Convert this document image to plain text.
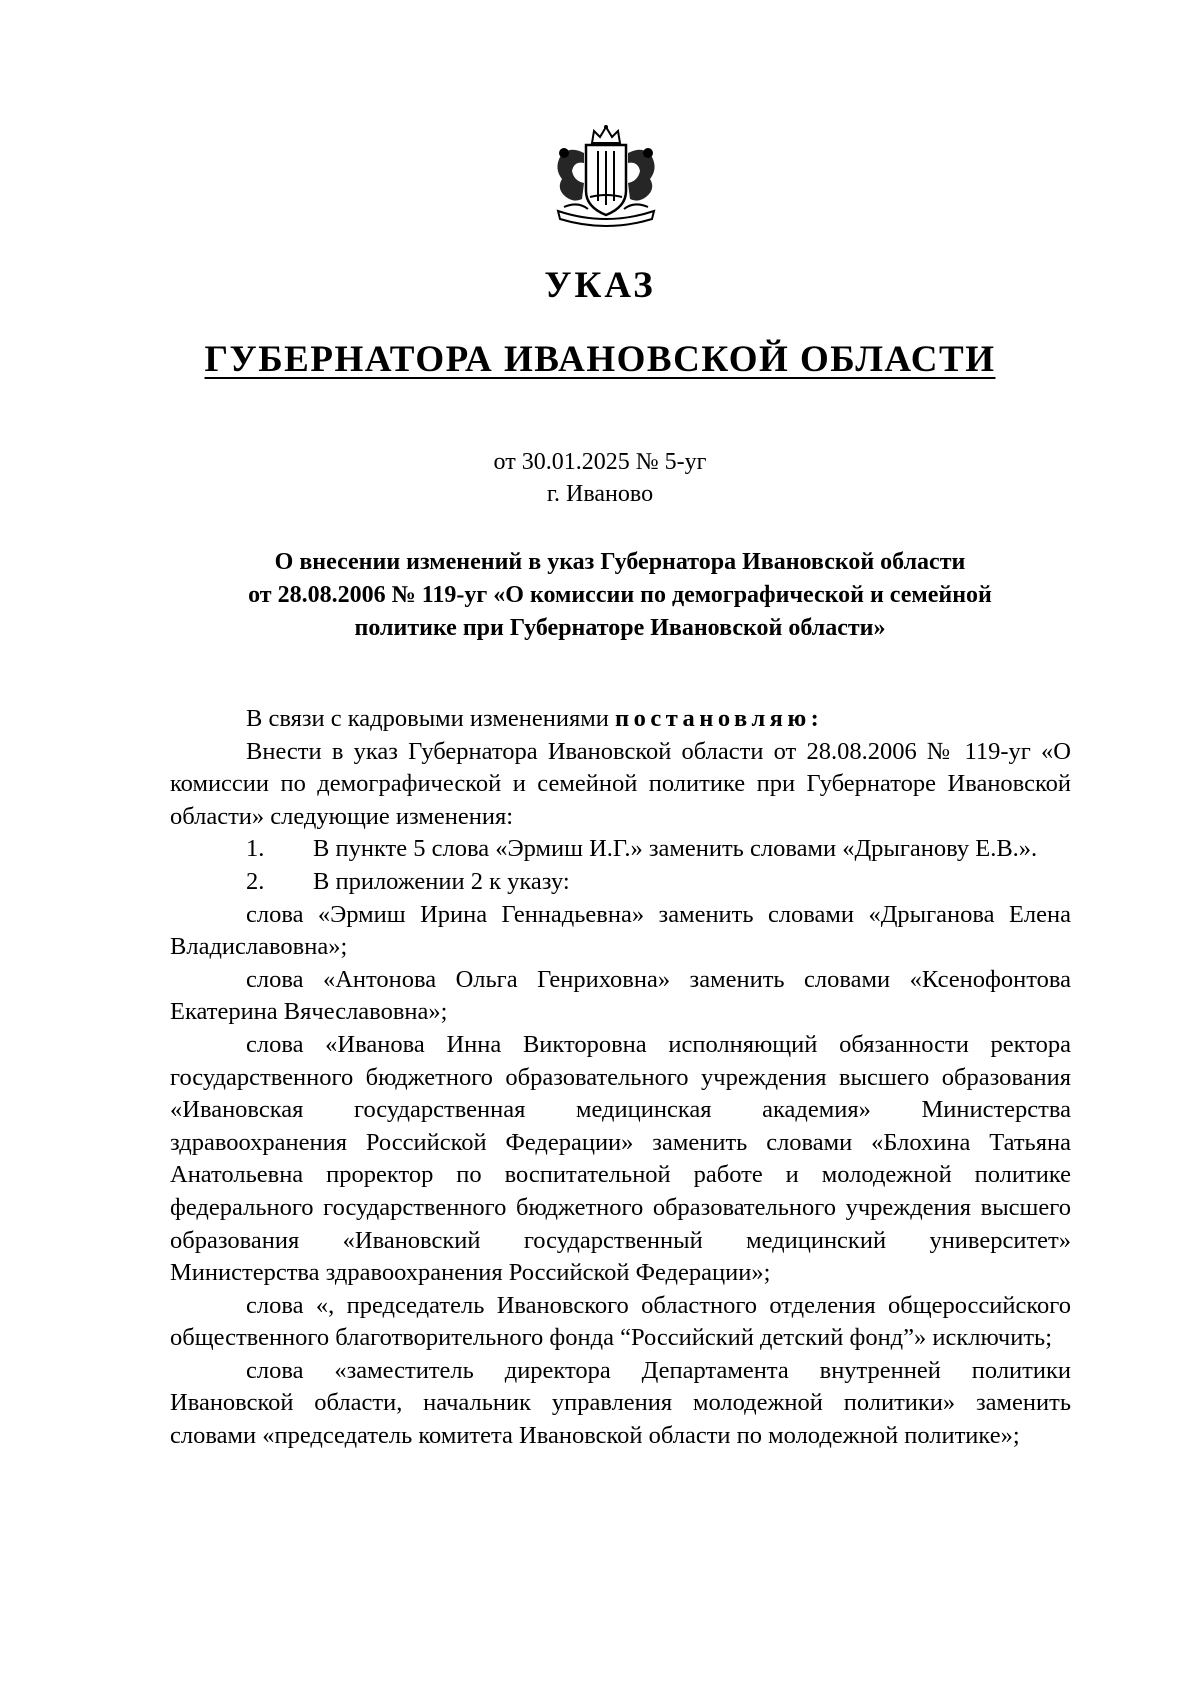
УКАЗ
ГУБЕРНАТОРА ИВАНОВСКОЙ ОБЛАСТИ
от 30.01.2025 № 5-уг
г. Иваново
О внесении изменений в указ Губернатора Ивановской области
от 28.08.2006 № 119-уг «О комиссии по демографической и семейной
политике при Губернаторе Ивановской области»

В связи с кадровыми изменениями постановляю:

Внести в указ Губернатора Ивановской области от 28.08.2006 № 119-уг «О комиссии по демографической и семейной политике при Губернаторе Ивановской области» следующие изменения:

1. В пункте 5 слова «Эрмиш И.Г.» заменить словами «Дрыганову Е.В.».

2. В приложении 2 к указу:

слова «Эрмиш Ирина Геннадьевна» заменить словами «Дрыганова Елена Владиславовна»;

слова «Антонова Ольга Генриховна» заменить словами «Ксенофонтова Екатерина Вячеславовна»;

слова «Иванова Инна Викторовна исполняющий обязанности ректора государственного бюджетного образовательного учреждения высшего образования «Ивановская государственная медицинская академия» Министерства здравоохранения Российской Федерации» заменить словами «Блохина Татьяна Анатольевна проректор по воспитательной работе и молодежной политике федерального государственного бюджетного образовательного учреждения высшего образования «Ивановский государственный медицинский университет» Министерства здравоохранения Российской Федерации»;

слова «, председатель Ивановского областного отделения общероссийского общественного благотворительного фонда “Российский детский фонд”» исключить;

слова «заместитель директора Департамента внутренней политики Ивановской области, начальник управления молодежной политики» заменить словами «председатель комитета Ивановской области по молодежной политике»;
